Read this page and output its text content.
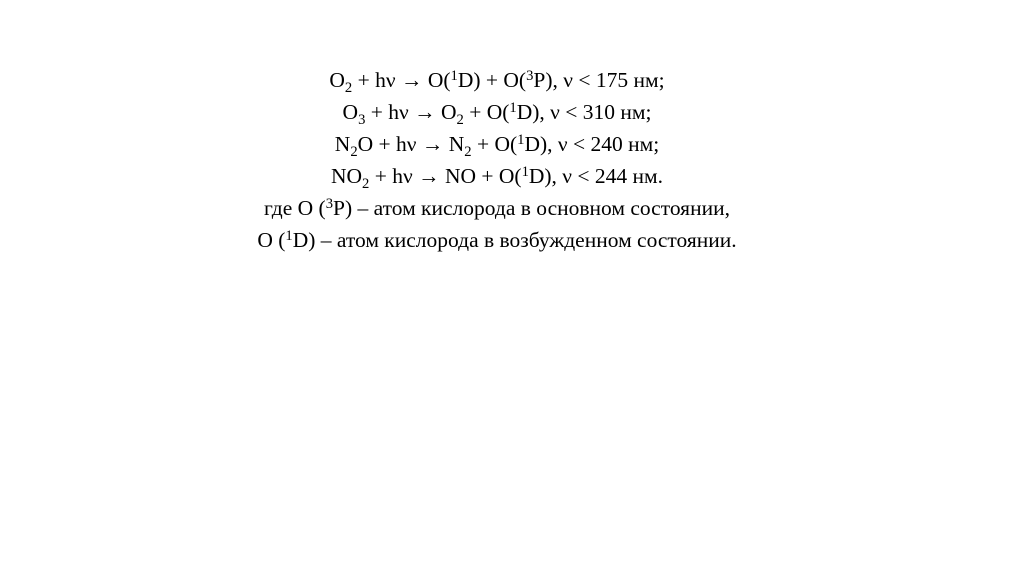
$O_2 + h\nu \to O(^1D) + O(^3P)$, ν < 175 нм;
$O_3 + h\nu \to O_2 + O(^1D)$, ν < 310 нм;
$N_2O + h\nu \to N_2 + O(^1D)$, ν < 240 нм;
$NO_2 + h\nu$ → NO + O($^1$D), ν < 244 нм.
где O ($^3$P) – атом кислорода в основном состоянии,
O ($^1$D) – атом кислорода в возбужденном состоянии.
